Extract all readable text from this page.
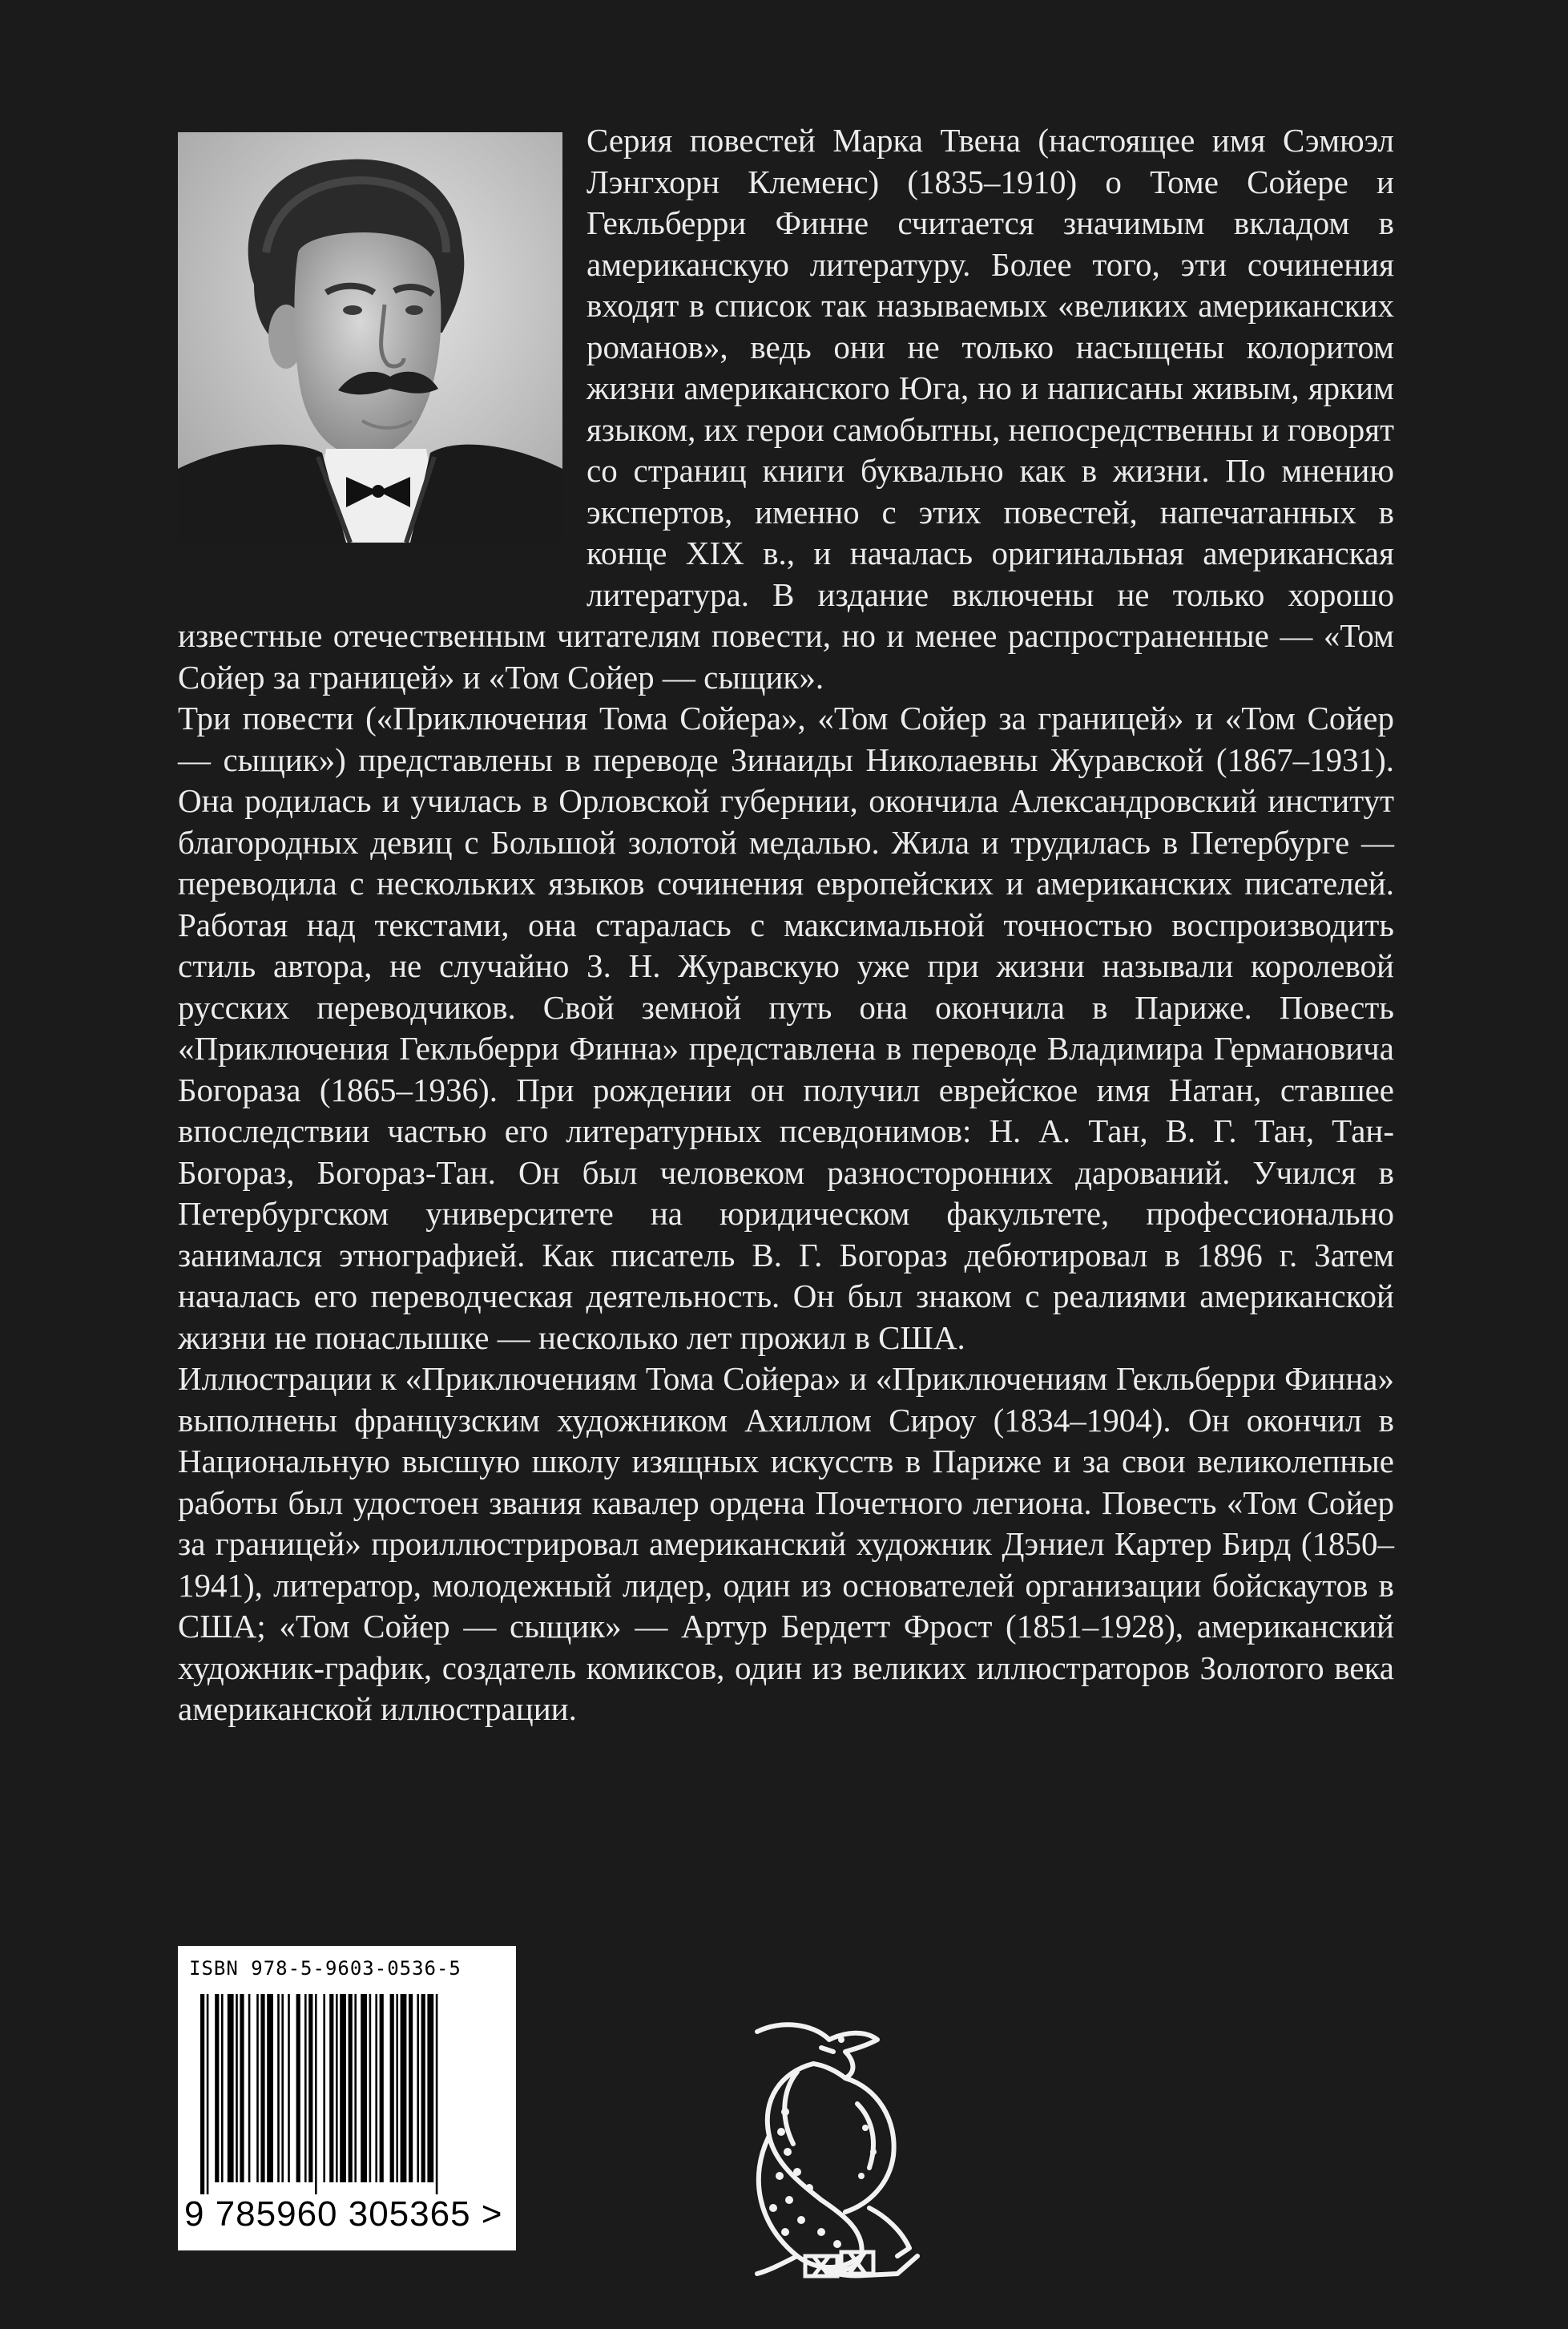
Серия повестей Марка Твена (настоящее имя Сэмюэл Лэнгхорн Клеменс) (1835–1910) о Томе Сойере и Гекльберри Финне считается значимым вкладом в американскую литературу. Более того, эти сочинения входят в список так называемых «великих американских романов», ведь они не только насыщены колоритом жизни американского Юга, но и написаны живым, ярким языком, их герои самобытны, непосредственны и говорят со страниц книги буквально как в жизни. По мнению экспертов, именно с этих повестей, напечатанных в конце XIX в., и началась оригинальная американская литература. В издание включены не только хорошо известные отечественным читателям повести, но и менее распространенные — «Том Сойер за границей» и «Том Сойер — сыщик».

Три повести («Приключения Тома Сойера», «Том Сойер за границей» и «Том Сойер — сыщик») представлены в переводе Зинаиды Николаевны Журавской (1867–1931). Она родилась и училась в Орловской губернии, окончила Александровский институт благородных девиц с Большой золотой медалью. Жила и трудилась в Петербурге — переводила с нескольких языков сочинения европейских и американских писателей. Работая над текстами, она старалась с максимальной точностью воспроизводить стиль автора, не случайно З. Н. Журавскую уже при жизни называли королевой русских переводчиков. Свой земной путь она окончила в Париже. Повесть «Приключения Гекльберри Финна» представлена в переводе Владимира Германовича Богораза (1865–1936). При рождении он получил еврейское имя Натан, ставшее впоследствии частью его литературных псевдонимов: Н. А. Тан, В. Г. Тан, Тан-Богораз, Богораз-Тан. Он был человеком разносторонних дарований. Учился в Петербургском университете на юридическом факультете, профессионально занимался этнографией. Как писатель В. Г. Богораз дебютировал в 1896 г. Затем началась его переводческая деятельность. Он был знаком с реалиями американской жизни не понаслышке — несколько лет прожил в США.

Иллюстрации к «Приключениям Тома Сойера» и «Приключениям Гекльберри Финна» выполнены французским художником Ахиллом Сироу (1834–1904). Он окончил в Национальную высшую школу изящных искусств в Париже и за свои великолепные работы был удостоен звания кавалер ордена Почетного легиона. Повесть «Том Сойер за границей» проиллюстрировал американский художник Дэниел Картер Бирд (1850–1941), литератор, молодежный лидер, один из основателей организации бойскаутов в США; «Том Сойер — сыщик» — Артур Бердетт Фрост (1851–1928), американский художник-график, создатель комиксов, один из великих иллюстраторов Золотого века американской иллюстрации.

ISBN 978-5-9603-0536-5
9 785960 305365 >
